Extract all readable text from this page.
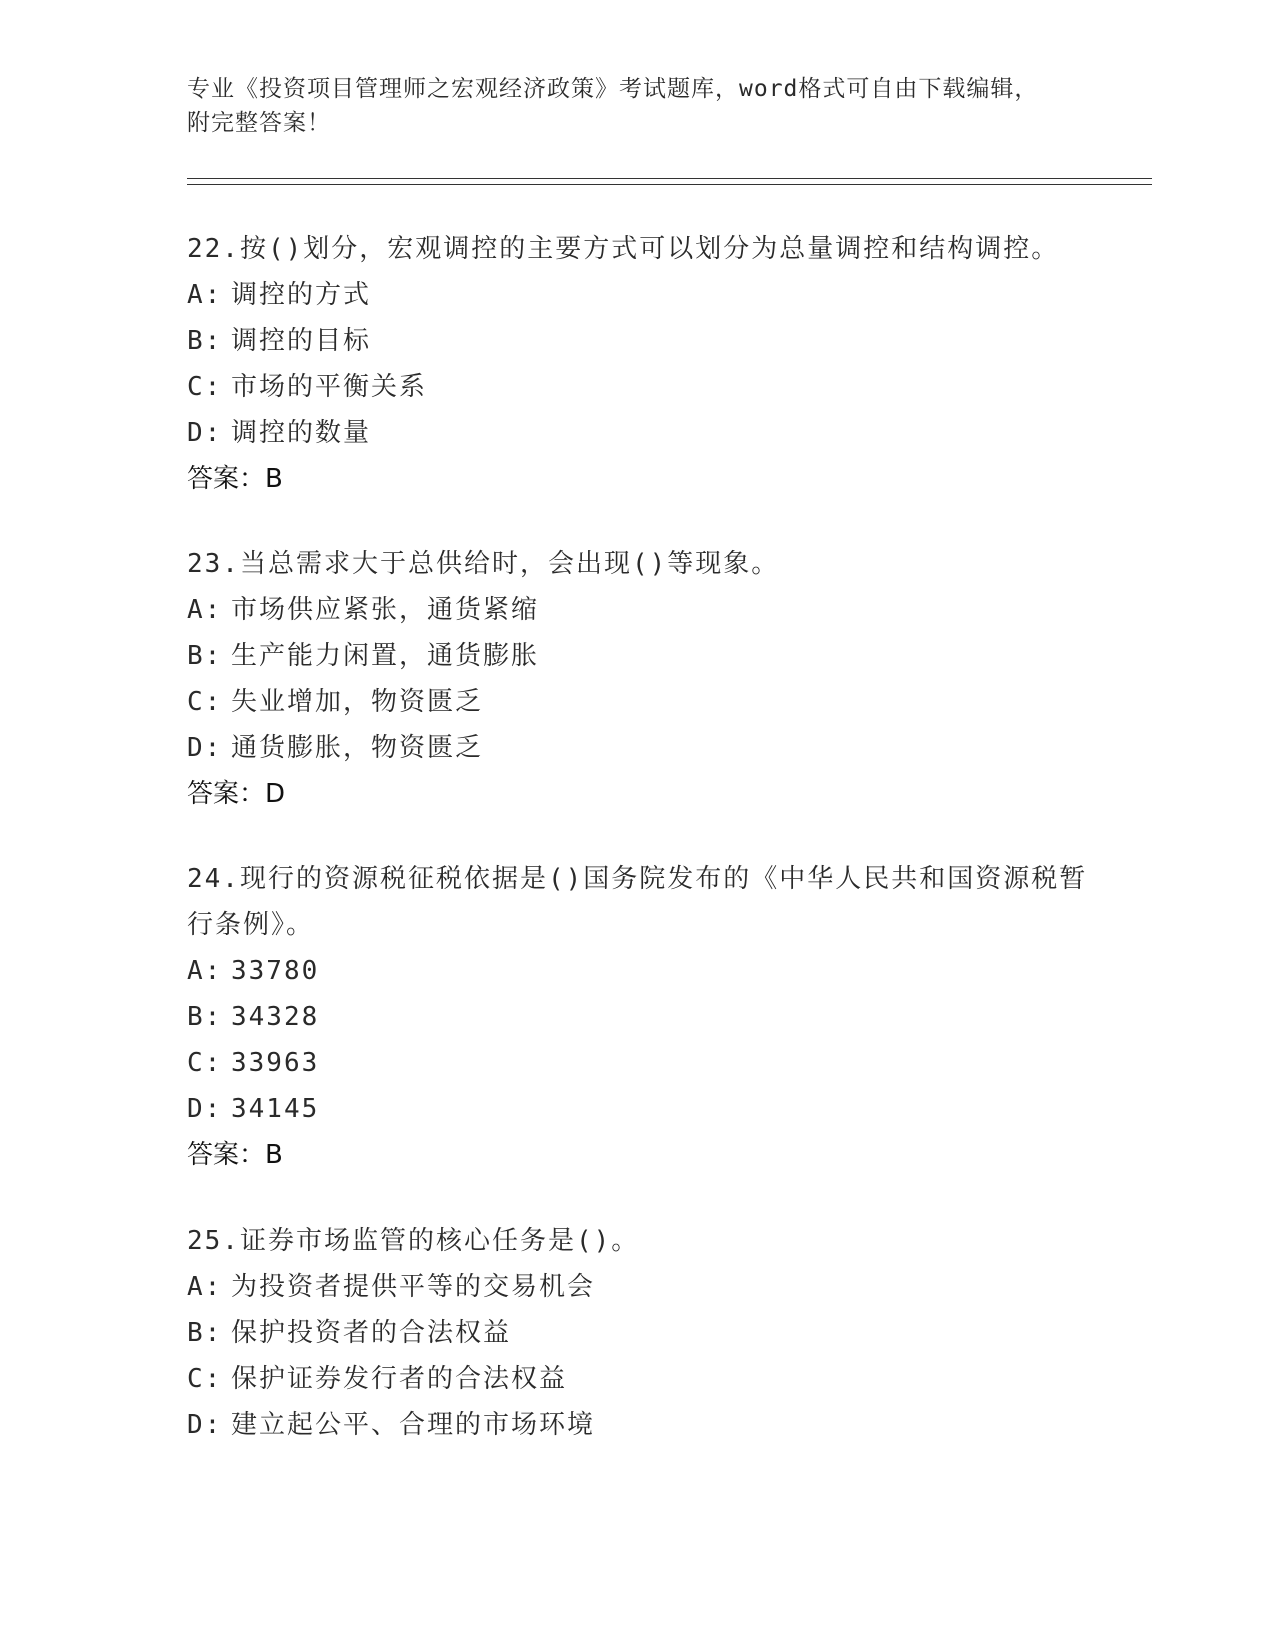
专业《投资项目管理师之宏观经济政策》考试题库，word格式可自由下载编辑，
附完整答案！
22.按()划分，宏观调控的主要方式可以划分为总量调控和结构调控。
A: 调控的方式
B: 调控的目标
C: 市场的平衡关系
D: 调控的数量
答案：B
23.当总需求大于总供给时，会出现()等现象。
A: 市场供应紧张，通货紧缩
B: 生产能力闲置，通货膨胀
C: 失业增加，物资匮乏
D: 通货膨胀，物资匮乏
答案：D
24.现行的资源税征税依据是()国务院发布的《中华人民共和国资源税暂行条例》。
A: 33780
B: 34328
C: 33963
D: 34145
答案：B
25.证券市场监管的核心任务是()。
A: 为投资者提供平等的交易机会
B: 保护投资者的合法权益
C: 保护证券发行者的合法权益
D: 建立起公平、合理的市场环境
